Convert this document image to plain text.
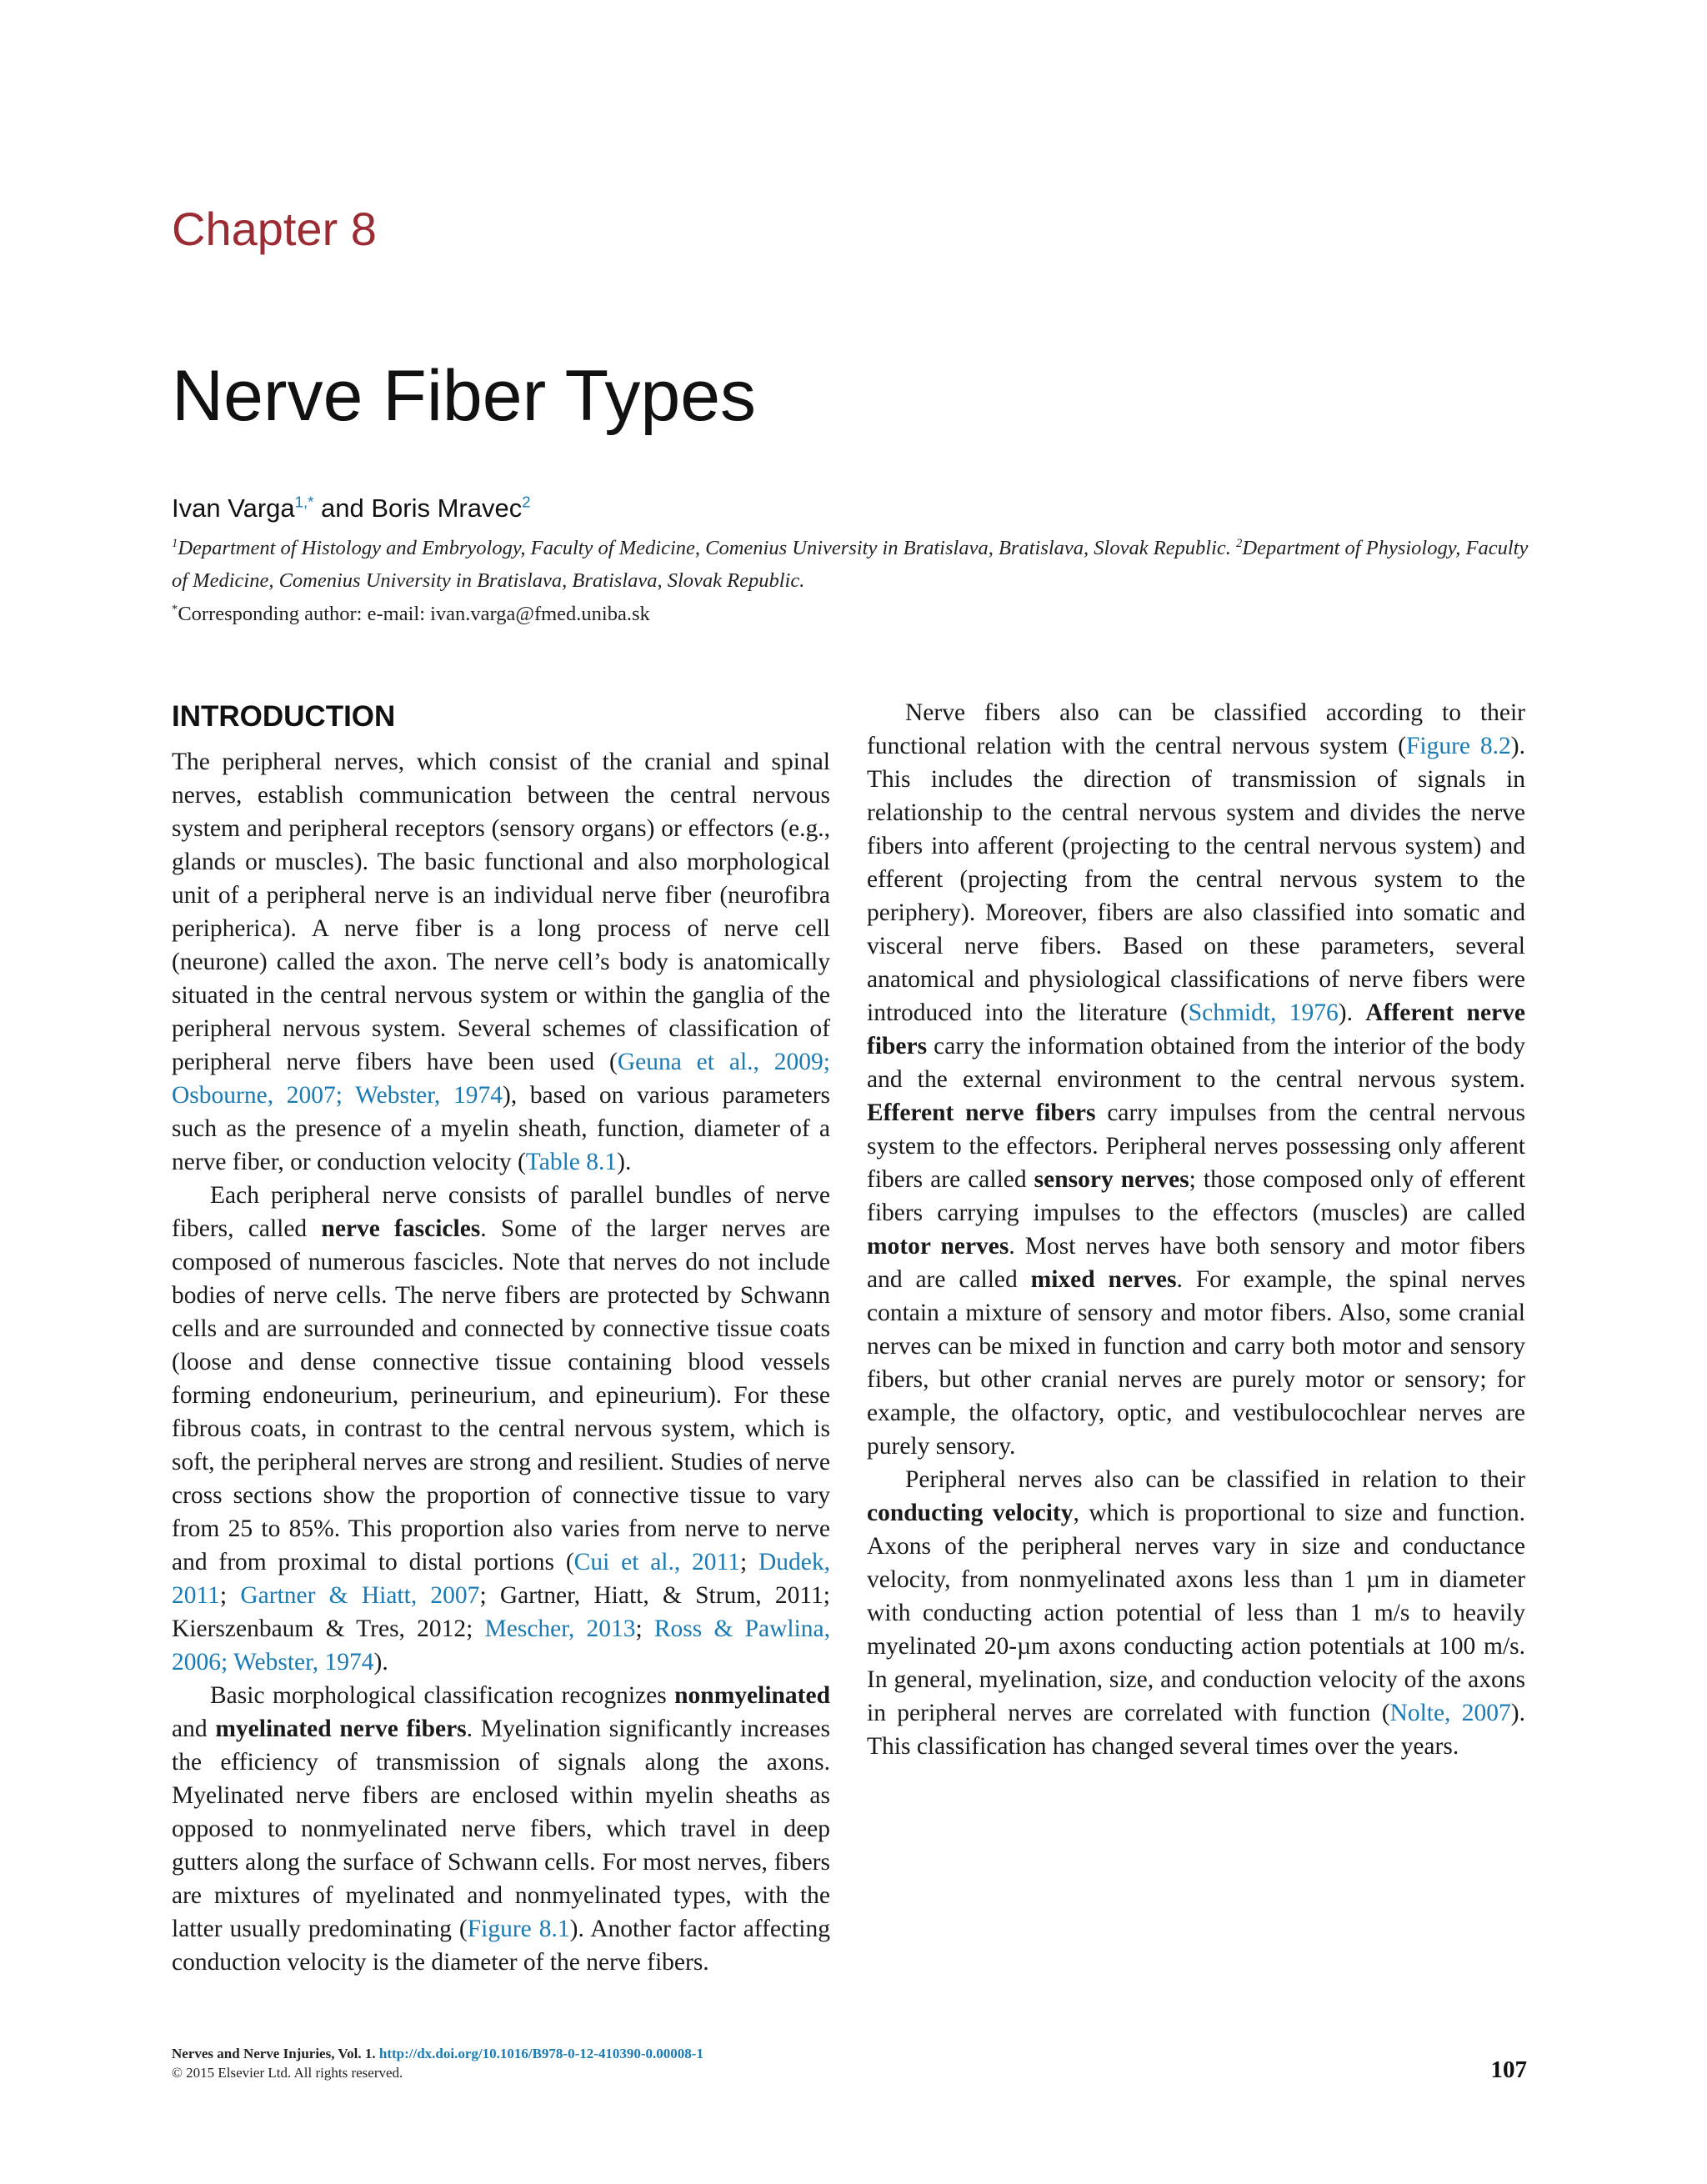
Chapter 8
Nerve Fiber Types
Ivan Varga$^{1,*}$ and Boris Mravec$^2$

$^1$Department of Histology and Embryology, Faculty of Medicine, Comenius University in Bratislava, Bratislava, Slovak Republic. $^2$Department of Physiology, Faculty of Medicine, Comenius University in Bratislava, Bratislava, Slovak Republic.

*Corresponding author: e-mail: ivan.varga@fmed.uniba.sk
INTRODUCTION

The peripheral nerves, which consist of the cranial and spinal nerves, establish communication between the central nervous system and peripheral receptors (sensory organs) or effectors (e.g., glands or muscles). The basic functional and also morphological unit of a peripheral nerve is an individual nerve fiber (neurofibra peripherica). A nerve fiber is a long process of nerve cell (neurone) called the axon. The nerve cell’s body is anatomically situated in the central nervous system or within the ganglia of the peripheral nervous system. Several schemes of classification of peripheral nerve fibers have been used (Geuna et al., 2009; Osbourne, 2007; Webster, 1974), based on various parameters such as the presence of a myelin sheath, function, diameter of a nerve fiber, or conduction velocity (Table 8.1).

Each peripheral nerve consists of parallel bundles of nerve fibers, called nerve fascicles. Some of the larger nerves are composed of numerous fascicles. Note that nerves do not include bodies of nerve cells. The nerve fibers are protected by Schwann cells and are surrounded and connected by connective tissue coats (loose and dense connective tissue containing blood vessels forming endoneurium, perineurium, and epineurium). For these fibrous coats, in contrast to the central nervous system, which is soft, the peripheral nerves are strong and resilient. Studies of nerve cross sections show the proportion of connective tissue to vary from 25 to 85%. This proportion also varies from nerve to nerve and from proximal to distal portions (Cui et al., 2011; Dudek, 2011; Gartner & Hiatt, 2007; Gartner, Hiatt, & Strum, 2011; Kierszenbaum & Tres, 2012; Mescher, 2013; Ross & Pawlina, 2006; Webster, 1974).

Basic morphological classification recognizes nonmyelinated and myelinated nerve fibers. Myelination significantly increases the efficiency of transmission of signals along the axons. Myelinated nerve fibers are enclosed within myelin sheaths as opposed to nonmyelinated nerve fibers, which travel in deep gutters along the surface of Schwann cells. For most nerves, fibers are mixtures of myelinated and nonmyelinated types, with the latter usually predominating (Figure 8.1). Another factor affecting conduction velocity is the diameter of the nerve fibers.

Nerve fibers also can be classified according to their functional relation with the central nervous system (Figure 8.2). This includes the direction of transmission of signals in relationship to the central nervous system and divides the nerve fibers into afferent (projecting to the central nervous system) and efferent (projecting from the central nervous system to the periphery). Moreover, fibers are also classified into somatic and visceral nerve fibers. Based on these parameters, several anatomical and physiological classifications of nerve fibers were introduced into the literature (Schmidt, 1976). Afferent nerve fibers carry the information obtained from the interior of the body and the external environment to the central nervous system. Efferent nerve fibers carry impulses from the central nervous system to the effectors. Peripheral nerves possessing only afferent fibers are called sensory nerves; those composed only of efferent fibers carrying impulses to the effectors (muscles) are called motor nerves. Most nerves have both sensory and motor fibers and are called mixed nerves. For example, the spinal nerves contain a mixture of sensory and motor fibers. Also, some cranial nerves can be mixed in function and carry both motor and sensory fibers, but other cranial nerves are purely motor or sensory; for example, the olfactory, optic, and vestibulocochlear nerves are purely sensory.

Peripheral nerves also can be classified in relation to their conducting velocity, which is proportional to size and function. Axons of the peripheral nerves vary in size and conductance velocity, from nonmyelinated axons less than 1 µm in diameter with conducting action potential of less than 1 m/s to heavily myelinated 20-µm axons conducting action potentials at 100 m/s. In general, myelination, size, and conduction velocity of the axons in peripheral nerves are correlated with function (Nolte, 2007). This classification has changed several times over the years.

Nerves and Nerve Injuries, Vol. 1. http://dx.doi.org/10.1016/B978-0-12-410390-0.00008-1
© 2015 Elsevier Ltd. All rights reserved.	107
